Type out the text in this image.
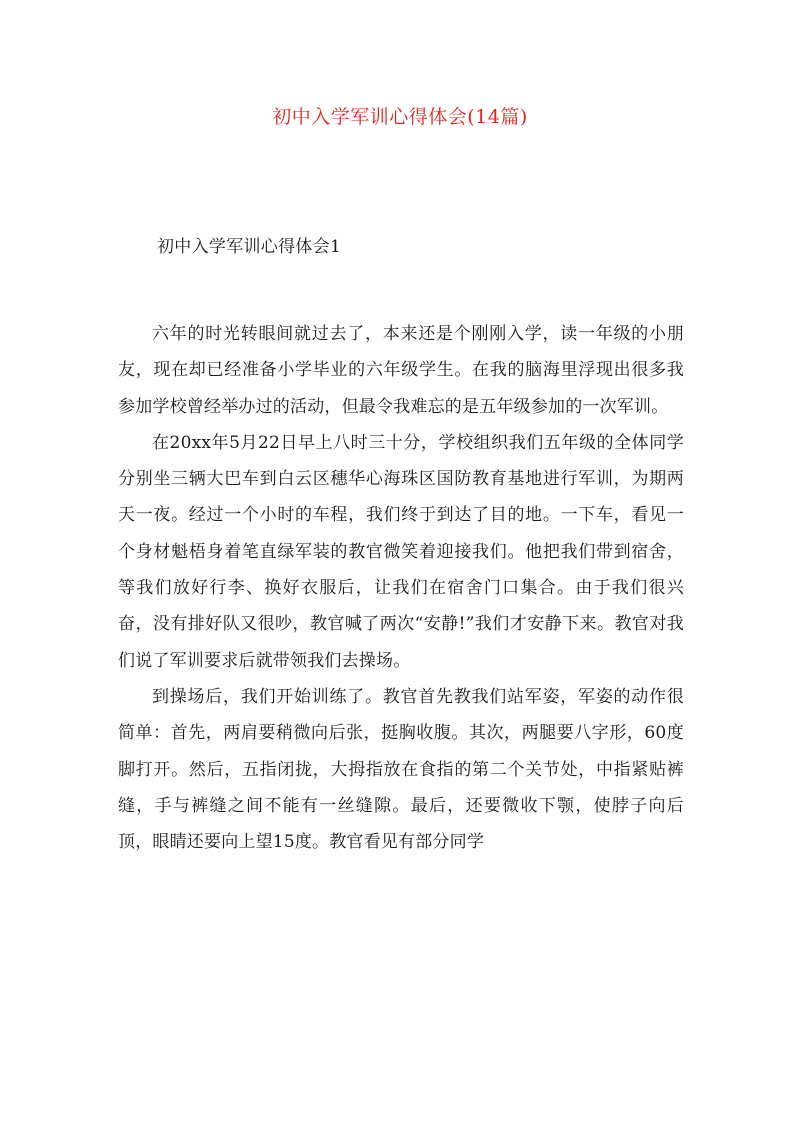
初中入学军训心得体会(14篇)
初中入学军训心得体会1

六年的时光转眼间就过去了，本来还是个刚刚入学，读一年级的小朋友，现在却已经准备小学毕业的六年级学生。在我的脑海里浮现出很多我参加学校曾经举办过的活动，但最令我难忘的是五年级参加的一次军训。

在20xx年5月22日早上八时三十分，学校组织我们五年级的全体同学分别坐三辆大巴车到白云区穗华心海珠区国防教育基地进行军训，为期两天一夜。经过一个小时的车程，我们终于到达了目的地。一下车，看见一个身材魁梧身着笔直绿军装的教官微笑着迎接我们。他把我们带到宿舍，等我们放好行李、换好衣服后，让我们在宿舍门口集合。由于我们很兴奋，没有排好队又很吵，教官喊了两次“安静!”我们才安静下来。教官对我们说了军训要求后就带领我们去操场。

到操场后，我们开始训练了。教官首先教我们站军姿，军姿的动作很简单：首先，两肩要稍微向后张，挺胸收腹。其次，两腿要八字形，60度脚打开。然后，五指闭拢，大拇指放在食指的第二个关节处，中指紧贴裤缝，手与裤缝之间不能有一丝缝隙。最后，还要微收下颚，使脖子向后顶，眼睛还要向上望15度。教官看见有部分同学
